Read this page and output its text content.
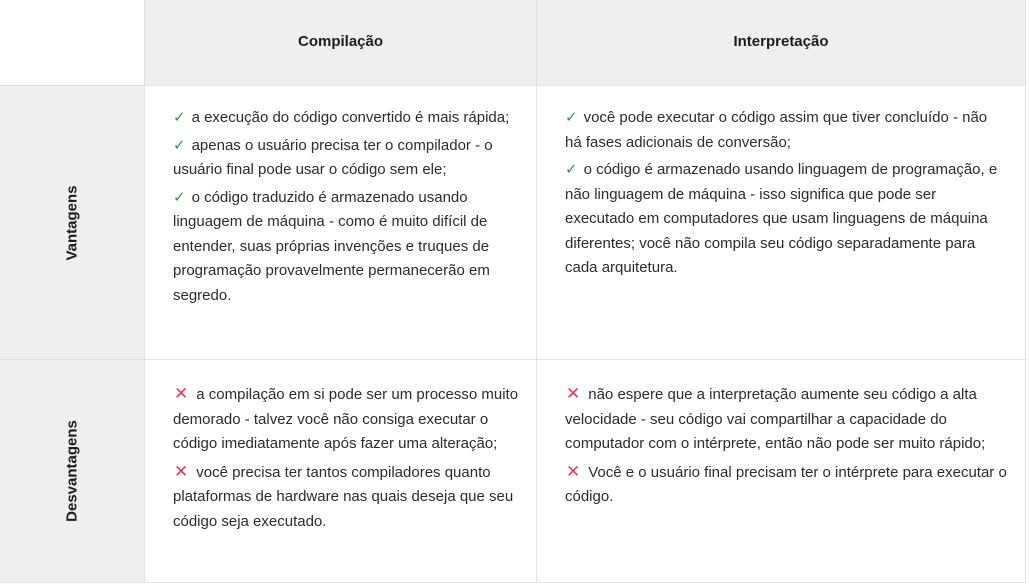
Compilação	Interpretação
Vantagens

✓ a execução do código convertido é mais rápida;

✓ apenas o usuário precisa ter o compilador - o usuário final pode usar o código sem ele;

✓ o código traduzido é armazenado usando linguagem de máquina - como é muito difícil de entender, suas próprias invenções e truques de programação provavelmente permanecerão em segredo.

✓ você pode executar o código assim que tiver concluído - não há fases adicionais de conversão;

✓ o código é armazenado usando linguagem de programação, e não linguagem de máquina - isso significa que pode ser executado em computadores que usam linguagens de máquina diferentes; você não compila seu código separadamente para cada arquitetura.

Desvantagens

✕ a compilação em si pode ser um processo muito demorado - talvez você não consiga executar o código imediatamente após fazer uma alteração;

✕ você precisa ter tantos compiladores quanto plataformas de hardware nas quais deseja que seu código seja executado.

✕ não espere que a interpretação aumente seu código a alta velocidade - seu código vai compartilhar a capacidade do computador com o intérprete, então não pode ser muito rápido;

✕ Você e o usuário final precisam ter o intérprete para executar o código.
